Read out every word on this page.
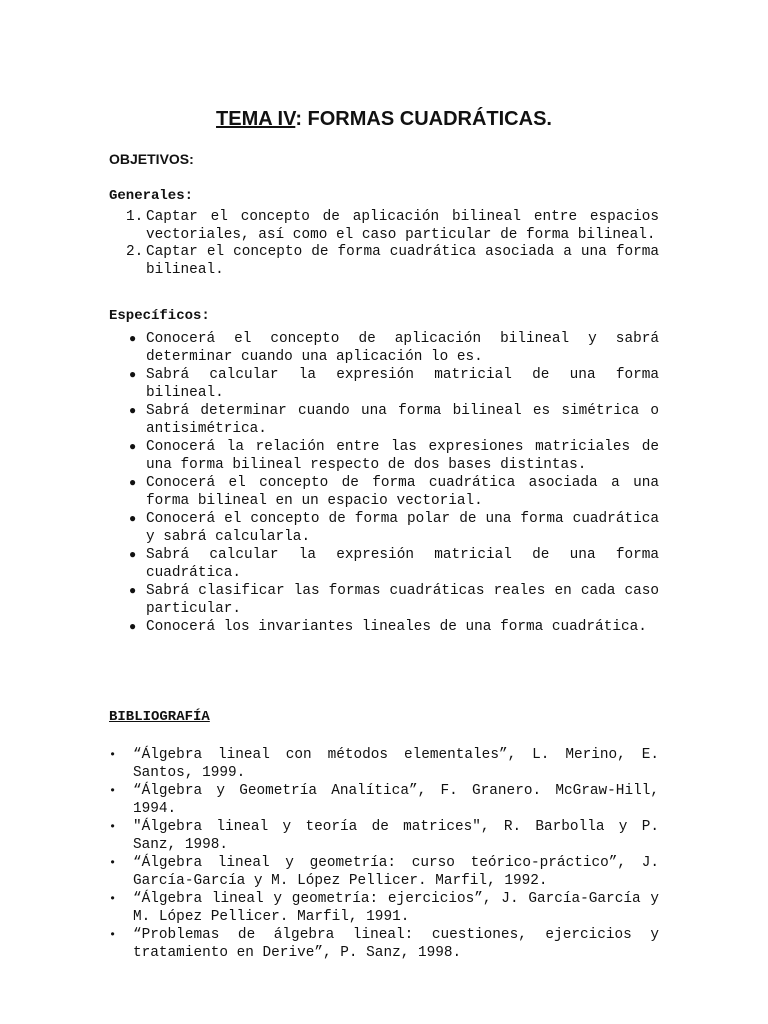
TEMA IV: FORMAS CUADRÁTICAS.
OBJETIVOS:
Generales:
1. Captar el concepto de aplicación bilineal entre espacios vectoriales, así como el caso particular de forma bilineal.
2. Captar el concepto de forma cuadrática asociada a una forma bilineal.
Específicos:
● Conocerá el concepto de aplicación bilineal y sabrá determinar cuando una aplicación lo es.
● Sabrá calcular la expresión matricial de una forma bilineal.
● Sabrá determinar cuando una forma bilineal es simétrica o antisimétrica.
● Conocerá la relación entre las expresiones matriciales de una forma bilineal respecto de dos bases distintas.
● Conocerá el concepto de forma cuadrática asociada a una forma bilineal en un espacio vectorial.
● Conocerá el concepto de forma polar de una forma cuadrática y sabrá calcularla.
● Sabrá calcular la expresión matricial de una forma cuadrática.
● Sabrá clasificar las formas cuadráticas reales en cada caso particular.
● Conocerá los invariantes lineales de una forma cuadrática.
BIBLIOGRAFÍA
• “Álgebra lineal con métodos elementales”, L. Merino, E. Santos, 1999.
• “Álgebra y Geometría Analítica”, F. Granero. McGraw-Hill, 1994.
• "Álgebra lineal y teoría de matrices", R. Barbolla y P. Sanz, 1998.
• “Álgebra lineal y geometría: curso teórico-práctico”, J. García-García y M. López Pellicer. Marfil, 1992.
• “Álgebra lineal y geometría: ejercicios”, J. García-García y M. López Pellicer. Marfil, 1991.
• “Problemas de álgebra lineal: cuestiones, ejercicios y tratamiento en Derive”, P. Sanz, 1998.
